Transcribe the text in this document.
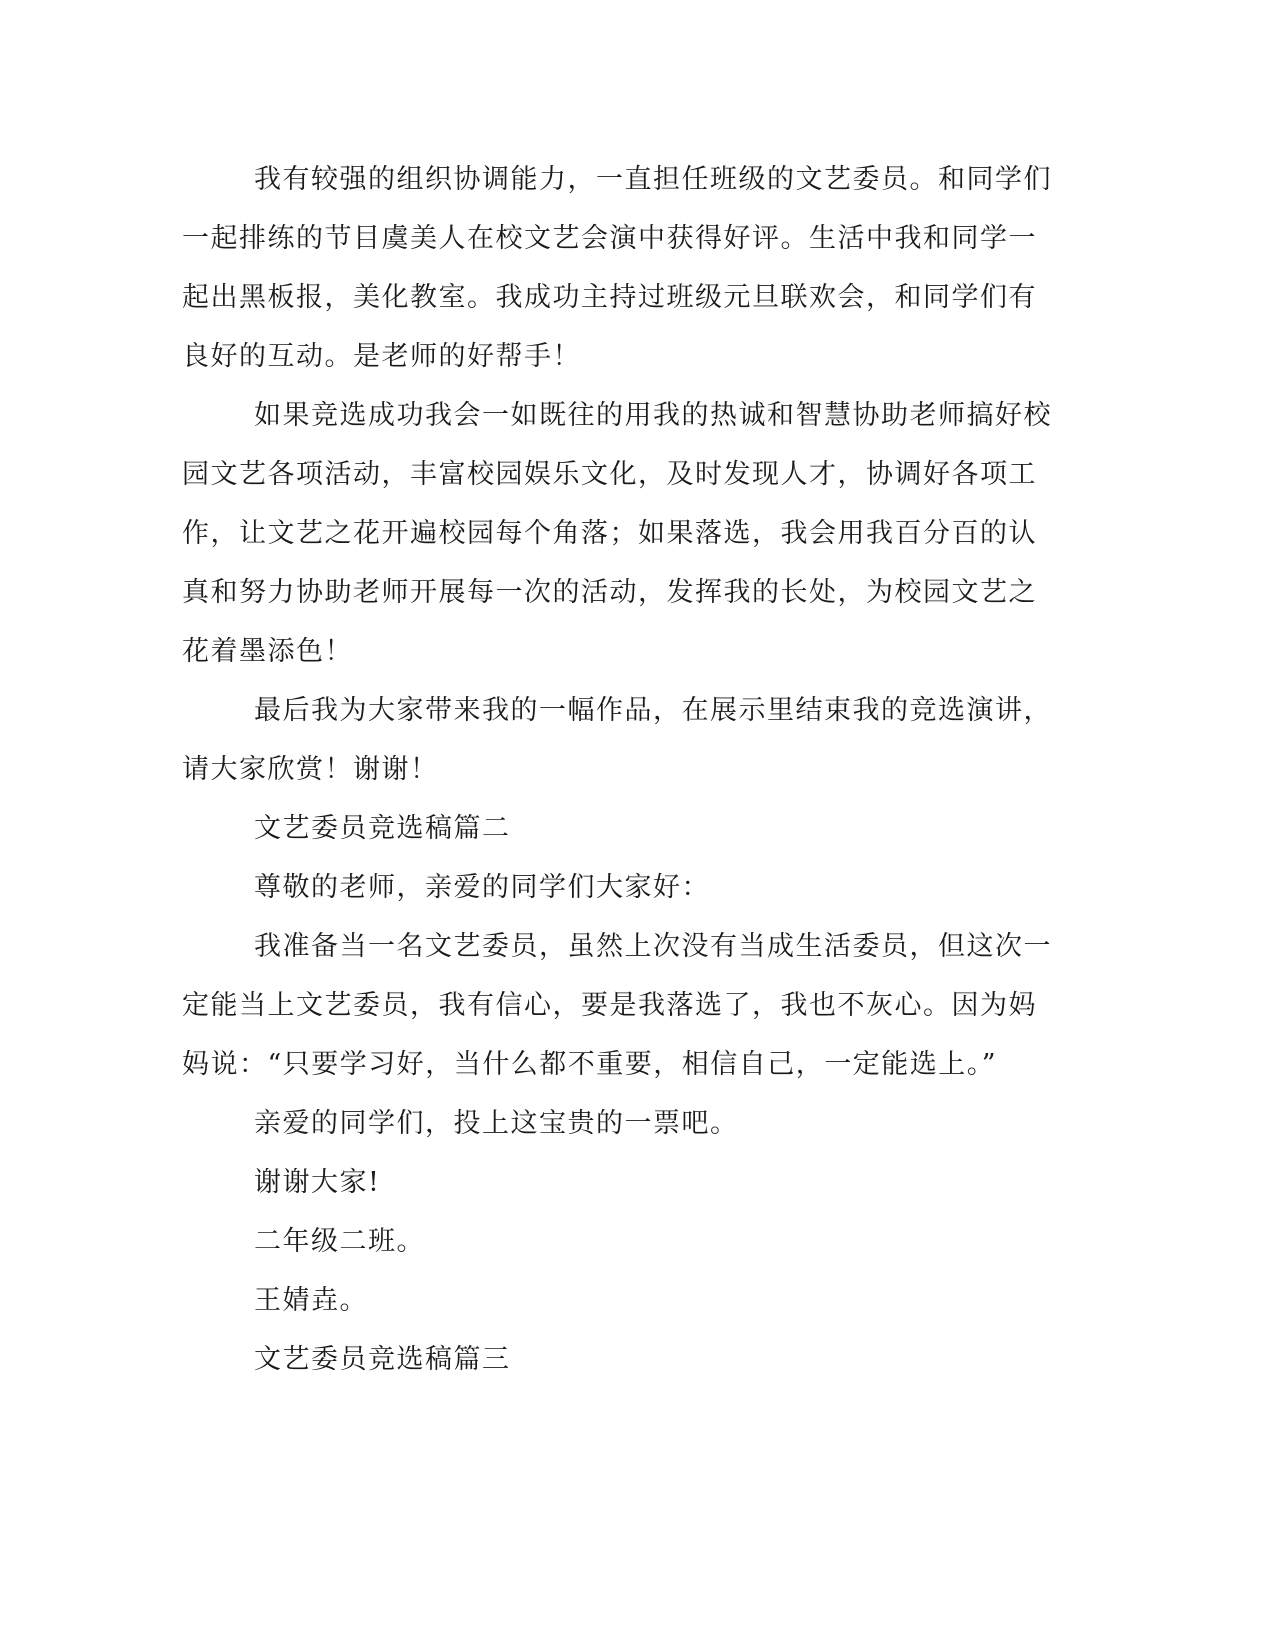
我有较强的组织协调能力，一直担任班级的文艺委员。和同学们
一起排练的节目虞美人在校文艺会演中获得好评。生活中我和同学一
起出黑板报，美化教室。我成功主持过班级元旦联欢会，和同学们有
良好的互动。是老师的好帮手！
如果竞选成功我会一如既往的用我的热诚和智慧协助老师搞好校
园文艺各项活动，丰富校园娱乐文化，及时发现人才，协调好各项工
作，让文艺之花开遍校园每个角落；如果落选，我会用我百分百的认
真和努力协助老师开展每一次的活动，发挥我的长处，为校园文艺之
花着墨添色！
最后我为大家带来我的一幅作品，在展示里结束我的竞选演讲，
请大家欣赏！谢谢！
文艺委员竞选稿篇二
尊敬的老师，亲爱的同学们大家好：
我准备当一名文艺委员，虽然上次没有当成生活委员，但这次一
定能当上文艺委员，我有信心，要是我落选了，我也不灰心。因为妈
妈说：“只要学习好，当什么都不重要，相信自己，一定能选上。”
亲爱的同学们，投上这宝贵的一票吧。
谢谢大家!
二年级二班。
王婧垚。
文艺委员竞选稿篇三
